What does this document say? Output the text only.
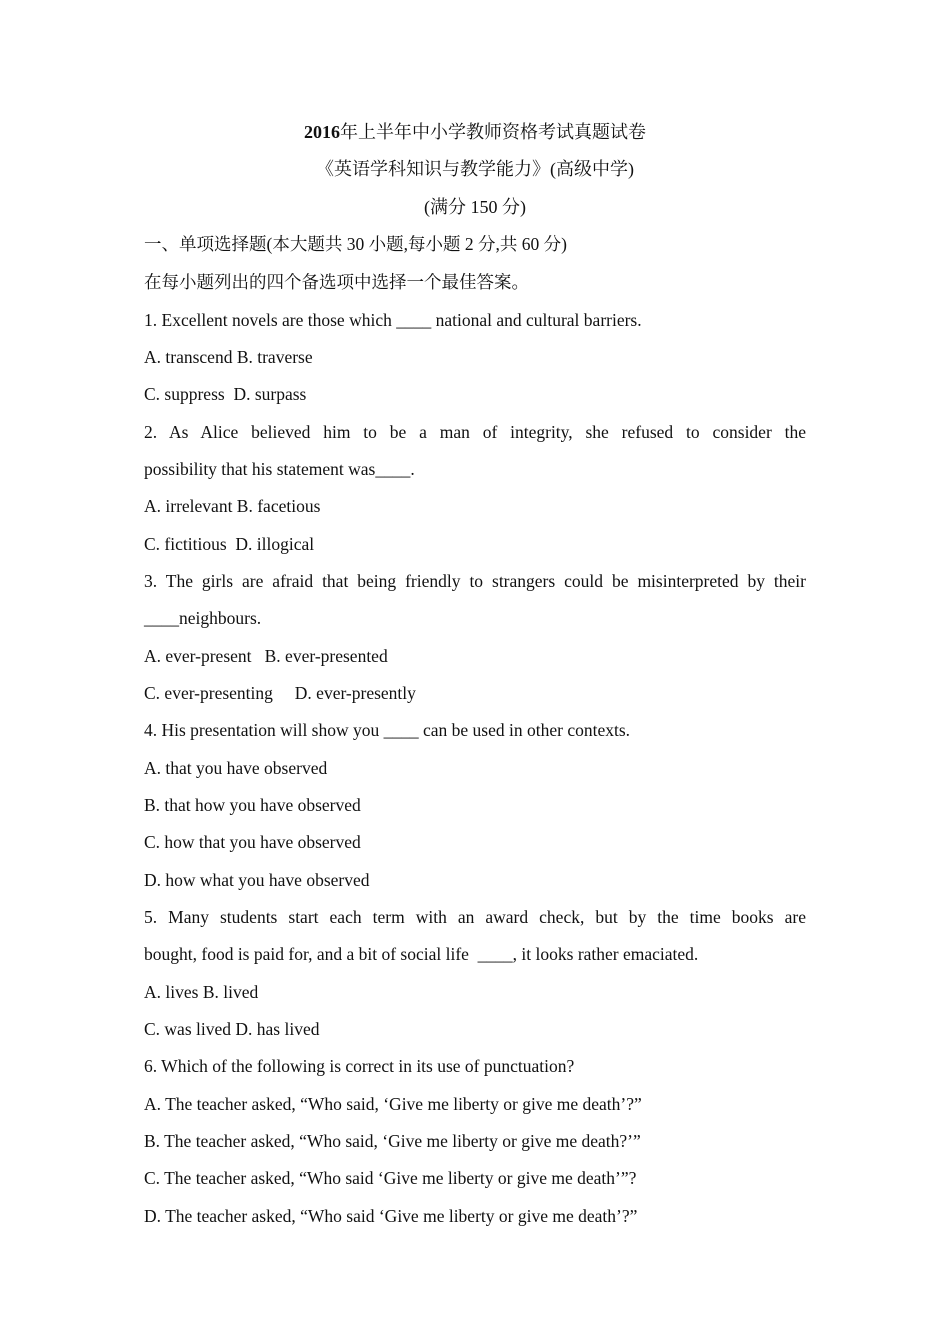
2016年上半年中小学教师资格考试真题试卷
《英语学科知识与教学能力》(高级中学)
(满分 150 分)
一、单项选择题(本大题共 30 小题,每小题 2 分,共 60 分)
在每小题列出的四个备选项中选择一个最佳答案。
1. Excellent novels are those which ____ national and cultural barriers.
A. transcend B. traverse
C. suppress  D. surpass
2. As Alice believed him to be a man of integrity, she refused to consider the
possibility that his statement was____.
A. irrelevant B. facetious
C. fictitious  D. illogical
3. The girls are afraid that being friendly to strangers could be misinterpreted by their
____neighbours.
A. ever-present   B. ever-presented
C. ever-presenting     D. ever-presently
4. His presentation will show you ____ can be used in other contexts.
A. that you have observed
B. that how you have observed
C. how that you have observed
D. how what you have observed
5. Many students start each term with an award check, but by the time books are
bought, food is paid for, and a bit of social life  ____, it looks rather emaciated.
A. lives B. lived
C. was lived D. has lived
6. Which of the following is correct in its use of punctuation?
A. The teacher asked, “Who said, ‘Give me liberty or give me death’?”
B. The teacher asked, “Who said, ‘Give me liberty or give me death?’”
C. The teacher asked, “Who said ‘Give me liberty or give me death’”?
D. The teacher asked, “Who said ‘Give me liberty or give me death’?”
